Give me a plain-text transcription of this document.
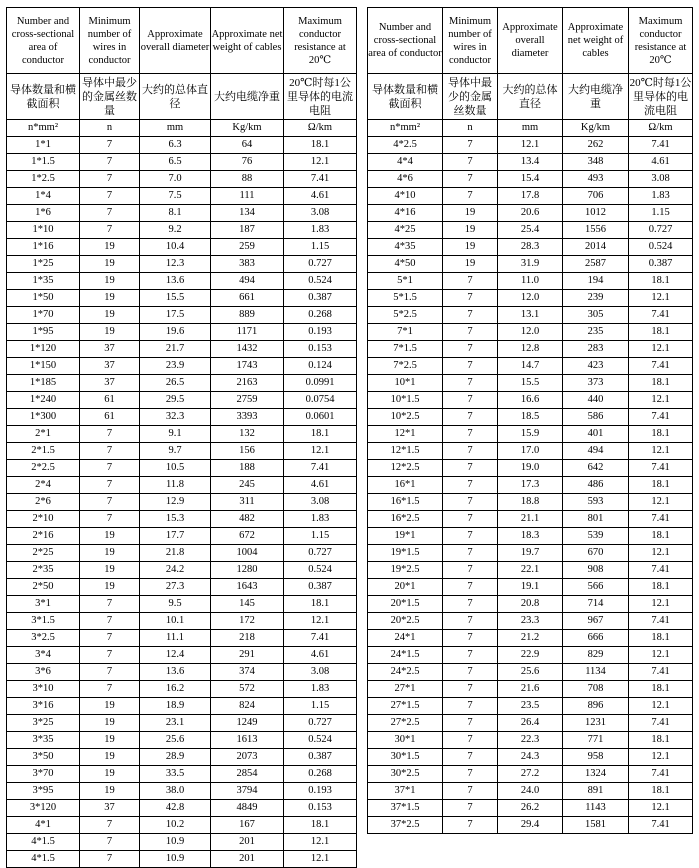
Number and cross-sectional area of conductor	Minimum number of wires in conductor	Approximate overall diameter	Approximate net weight of cables	Maximum conductor resistance at 20℃
导体数量和横截面积	导体中最少的金属丝数量	大约的总体直径	大约电缆净重	20℃时每1公里导体的电流电阻
n*mm²	n	mm	Kg/km	Ω/km
1*1	7	6.3	64	18.1
1*1.5	7	6.5	76	12.1
1*2.5	7	7.0	88	7.41
1*4	7	7.5	111	4.61
1*6	7	8.1	134	3.08
1*10	7	9.2	187	1.83
1*16	19	10.4	259	1.15
1*25	19	12.3	383	0.727
1*35	19	13.6	494	0.524
1*50	19	15.5	661	0.387
1*70	19	17.5	889	0.268
1*95	19	19.6	1171	0.193
1*120	37	21.7	1432	0.153
1*150	37	23.9	1743	0.124
1*185	37	26.5	2163	0.0991
1*240	61	29.5	2759	0.0754
1*300	61	32.3	3393	0.0601
2*1	7	9.1	132	18.1
2*1.5	7	9.7	156	12.1
2*2.5	7	10.5	188	7.41
2*4	7	11.8	245	4.61
2*6	7	12.9	311	3.08
2*10	7	15.3	482	1.83
2*16	19	17.7	672	1.15
2*25	19	21.8	1004	0.727
2*35	19	24.2	1280	0.524
2*50	19	27.3	1643	0.387
3*1	7	9.5	145	18.1
3*1.5	7	10.1	172	12.1
3*2.5	7	11.1	218	7.41
3*4	7	12.4	291	4.61
3*6	7	13.6	374	3.08
3*10	7	16.2	572	1.83
3*16	19	18.9	824	1.15
3*25	19	23.1	1249	0.727
3*35	19	25.6	1613	0.524
3*50	19	28.9	2073	0.387
3*70	19	33.5	2854	0.268
3*95	19	38.0	3794	0.193
3*120	37	42.8	4849	0.153
4*1	7	10.2	167	18.1
4*1.5	7	10.9	201	12.1
4*1.5	7	10.9	201	12.1
Number and cross-sectional area of conductor	Minimum number of wires in conductor	Approximate overall diameter	Approximate net weight of cables	Maximum conductor resistance at 20℃
导体数量和横截面积	导体中最少的金属丝数量	大约的总体直径	大约电缆净重	20℃时每1公里导体的电流电阻
n*mm²	n	mm	Kg/km	Ω/km
4*2.5	7	12.1	262	7.41
4*4	7	13.4	348	4.61
4*6	7	15.4	493	3.08
4*10	7	17.8	706	1.83
4*16	19	20.6	1012	1.15
4*25	19	25.4	1556	0.727
4*35	19	28.3	2014	0.524
4*50	19	31.9	2587	0.387
5*1	7	11.0	194	18.1
5*1.5	7	12.0	239	12.1
5*2.5	7	13.1	305	7.41
7*1	7	12.0	235	18.1
7*1.5	7	12.8	283	12.1
7*2.5	7	14.7	423	7.41
10*1	7	15.5	373	18.1
10*1.5	7	16.6	440	12.1
10*2.5	7	18.5	586	7.41
12*1	7	15.9	401	18.1
12*1.5	7	17.0	494	12.1
12*2.5	7	19.0	642	7.41
16*1	7	17.3	486	18.1
16*1.5	7	18.8	593	12.1
16*2.5	7	21.1	801	7.41
19*1	7	18.3	539	18.1
19*1.5	7	19.7	670	12.1
19*2.5	7	22.1	908	7.41
20*1	7	19.1	566	18.1
20*1.5	7	20.8	714	12.1
20*2.5	7	23.3	967	7.41
24*1	7	21.2	666	18.1
24*1.5	7	22.9	829	12.1
24*2.5	7	25.6	1134	7.41
27*1	7	21.6	708	18.1
27*1.5	7	23.5	896	12.1
27*2.5	7	26.4	1231	7.41
30*1	7	22.3	771	18.1
30*1.5	7	24.3	958	12.1
30*2.5	7	27.2	1324	7.41
37*1	7	24.0	891	18.1
37*1.5	7	26.2	1143	12.1
37*2.5	7	29.4	1581	7.41
